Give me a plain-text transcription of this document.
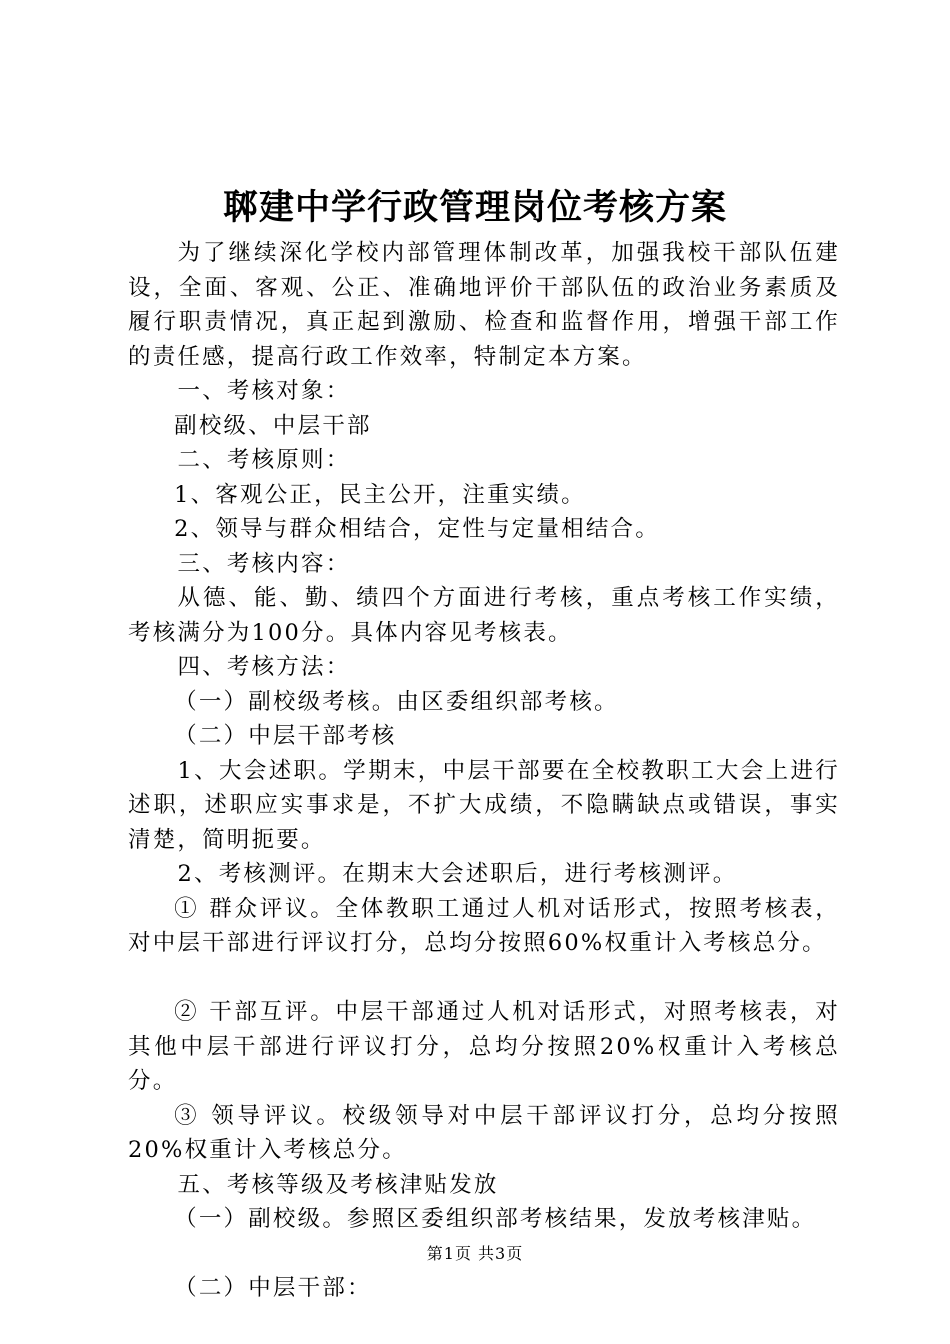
郰建中学行政管理岗位考核方案

为了继续深化学校内部管理体制改革，加强我校干部队伍建设，全面、客观、公正、准确地评价干部队伍的政治业务素质及履行职责情况，真正起到激励、检查和监督作用，增强干部工作的责任感，提高行政工作效率，特制定本方案。

一、考核对象：

副校级、中层干部

二、考核原则：

1、客观公正，民主公开，注重实绩。

2、领导与群众相结合，定性与定量相结合。

三、考核内容：

从德、能、勤、绩四个方面进行考核，重点考核工作实绩，考核满分为100分。具体内容见考核表。

四、考核方法：

（一）副校级考核。由区委组织部考核。

（二）中层干部考核

1、大会述职。学期末，中层干部要在全校教职工大会上进行述职，述职应实事求是，不扩大成绩，不隐瞒缺点或错误，事实清楚，简明扼要。

2、考核测评。在期末大会述职后，进行考核测评。

① 群众评议。全体教职工通过人机对话形式，按照考核表，对中层干部进行评议打分，总均分按照60%权重计入考核总分。

② 干部互评。中层干部通过人机对话形式，对照考核表，对其他中层干部进行评议打分，总均分按照20%权重计入考核总分。

③ 领导评议。校级领导对中层干部评议打分，总均分按照20%权重计入考核总分。

五、考核等级及考核津贴发放

（一）副校级。参照区委组织部考核结果，发放考核津贴。

（二）中层干部：

第1页 共3页
